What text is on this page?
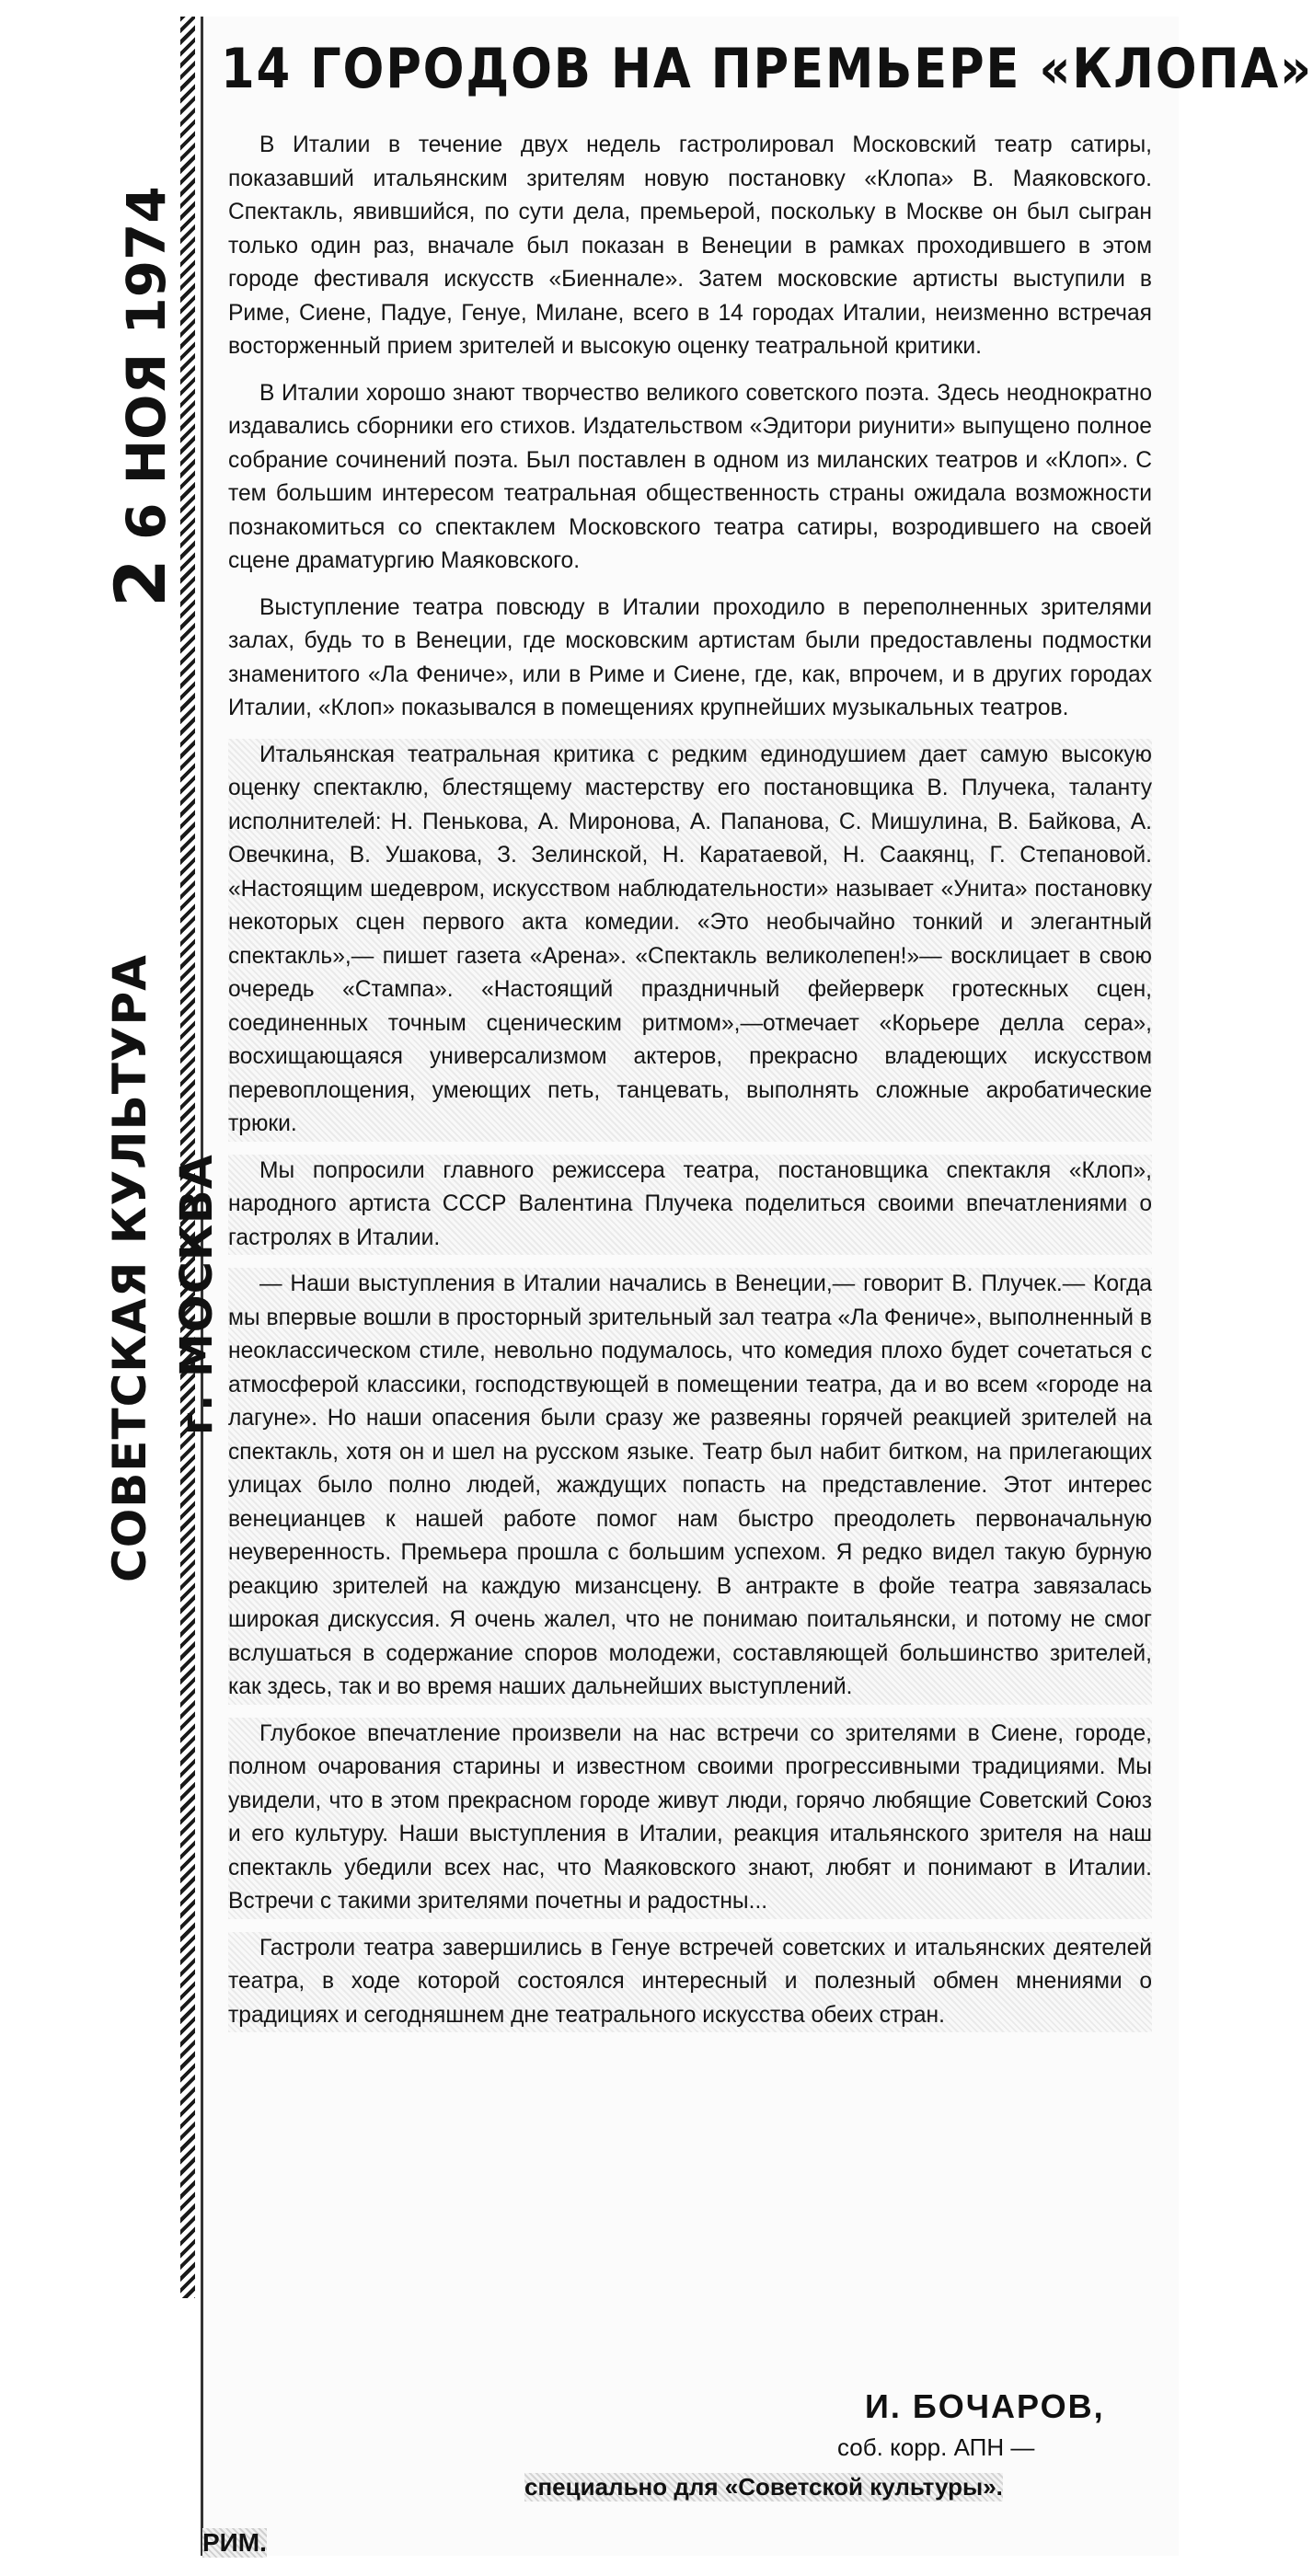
2 6 НОЯ 1974
СОВЕТСКАЯ КУЛЬТУРА г. МОСКВА
14 ГОРОДОВ НА ПРЕМЬЕРЕ «КЛОПА»

В Италии в течение двух недель гастролировал Московский театр сатиры, показавший итальянским зрителям новую постановку «Клопа» В. Маяковского. Спектакль, явившийся, по сути дела, премьерой, поскольку в Москве он был сыгран только один раз, вначале был показан в Венеции в рамках проходившего в этом городе фестиваля искусств «Биеннале». Затем московские артисты выступили в Риме, Сиене, Падуе, Генуе, Милане, всего в 14 городах Италии, неизменно встречая восторженный прием зрителей и высокую оценку театральной критики.

В Италии хорошо знают творчество великого советского поэта. Здесь неоднократно издавались сборники его стихов. Издательством «Эдитори риунити» выпущено полное собрание сочинений поэта. Был поставлен в одном из миланских театров и «Клоп». С тем большим интересом театральная общественность страны ожидала возможности познакомиться со спектаклем Московского театра сатиры, возродившего на своей сцене драматургию Маяковского.

Выступление театра повсюду в Италии проходило в переполненных зрителями залах, будь то в Венеции, где московским артистам были предоставлены подмостки знаменитого «Ла Феничe», или в Риме и Сиене, где, как, впрочем, и в других городах Италии, «Клоп» показывался в помещениях крупнейших музыкальных театров.

Итальянская театральная критика с редким единодушием дает самую высокую оценку спектаклю, блестящему мастерству его постановщика В. Плучека, таланту исполнителей: Н. Пенькова, А. Миронова, А. Папанова, С. Мишулина, В. Байкова, А. Овечкина, В. Ушакова, З. Зелинской, Н. Каратаевой, Н. Саакянц, Г. Степановой. «Настоящим шедевром, искусством наблюдательности» называет «Унита» постановку некоторых сцен первого акта комедии. «Это необычайно тонкий и элегантный спектакль»,— пишет газета «Арена». «Спектакль великолепен!»— восклицает в свою очередь «Стампа». «Настоящий праздничный фейерверк гротескных сцен, соединенных точным сценическим ритмом»,—отмечает «Корьере делла серa», восхищающаяся универсализмом актеров, прекрасно владеющих искусством перевоплощения, умеющих петь, танцевать, выполнять сложные акробатические трюки.

Мы попросили главного режиссера театра, постановщика спектакля «Клоп», народного артиста СССР Валентина Плучека поделиться своими впечатлениями о гастролях в Италии.

— Наши выступления в Италии начались в Венеции,— говорит В. Плучек.— Когда мы впервые вошли в просторный зрительный зал театра «Ла Феничe», выполненный в неоклассическом стиле, невольно подумалось, что комедия плохо будет сочетаться с атмосферой классики, господствующей в помещении театра, да и во всем «городе на лагуне». Но наши опасения были сразу же развеяны горячей реакцией зрителей на спектакль, хотя он и шел на русском языке. Театр был набит битком, на прилегающих улицах было полно людей, жаждущих попасть на представление. Этот интерес венецианцев к нашей работе помог нам быстро преодолеть первоначальную неуверенность. Премьера прошла с большим успехом. Я редко видел такую бурную реакцию зрителей на каждую мизансцену. В антракте в фойе театра завязалась широкая дискуссия. Я очень жалел, что не понимаю поитальянски, и потому не смог вслушаться в содержание споров молодежи, составляющей большинство зрителей, как здесь, так и во время наших дальнейших выступлений.

Глубокое впечатление произвели на нас встречи со зрителями в Сиене, городе, полном очарования старины и известном своими прогрессивными традициями. Мы увидели, что в этом прекрасном городе живут люди, горячо любящие Советский Союз и его культуру. Наши выступления в Италии, реакция итальянского зрителя на наш спектакль убедили всех нас, что Маяковского знают, любят и понимают в Италии. Встречи с такими зрителями почетны и радостны...

Гастроли театра завершились в Генуе встречей советских и итальянских деятелей театра, в ходе которой состоялся интересный и полезный обмен мнениями о традициях и сегодняшнем дне театрального искусства обеих стран.

И. БОЧАРОВ,
соб. корр. АПН —
специально для «Советской культуры».
РИМ.
